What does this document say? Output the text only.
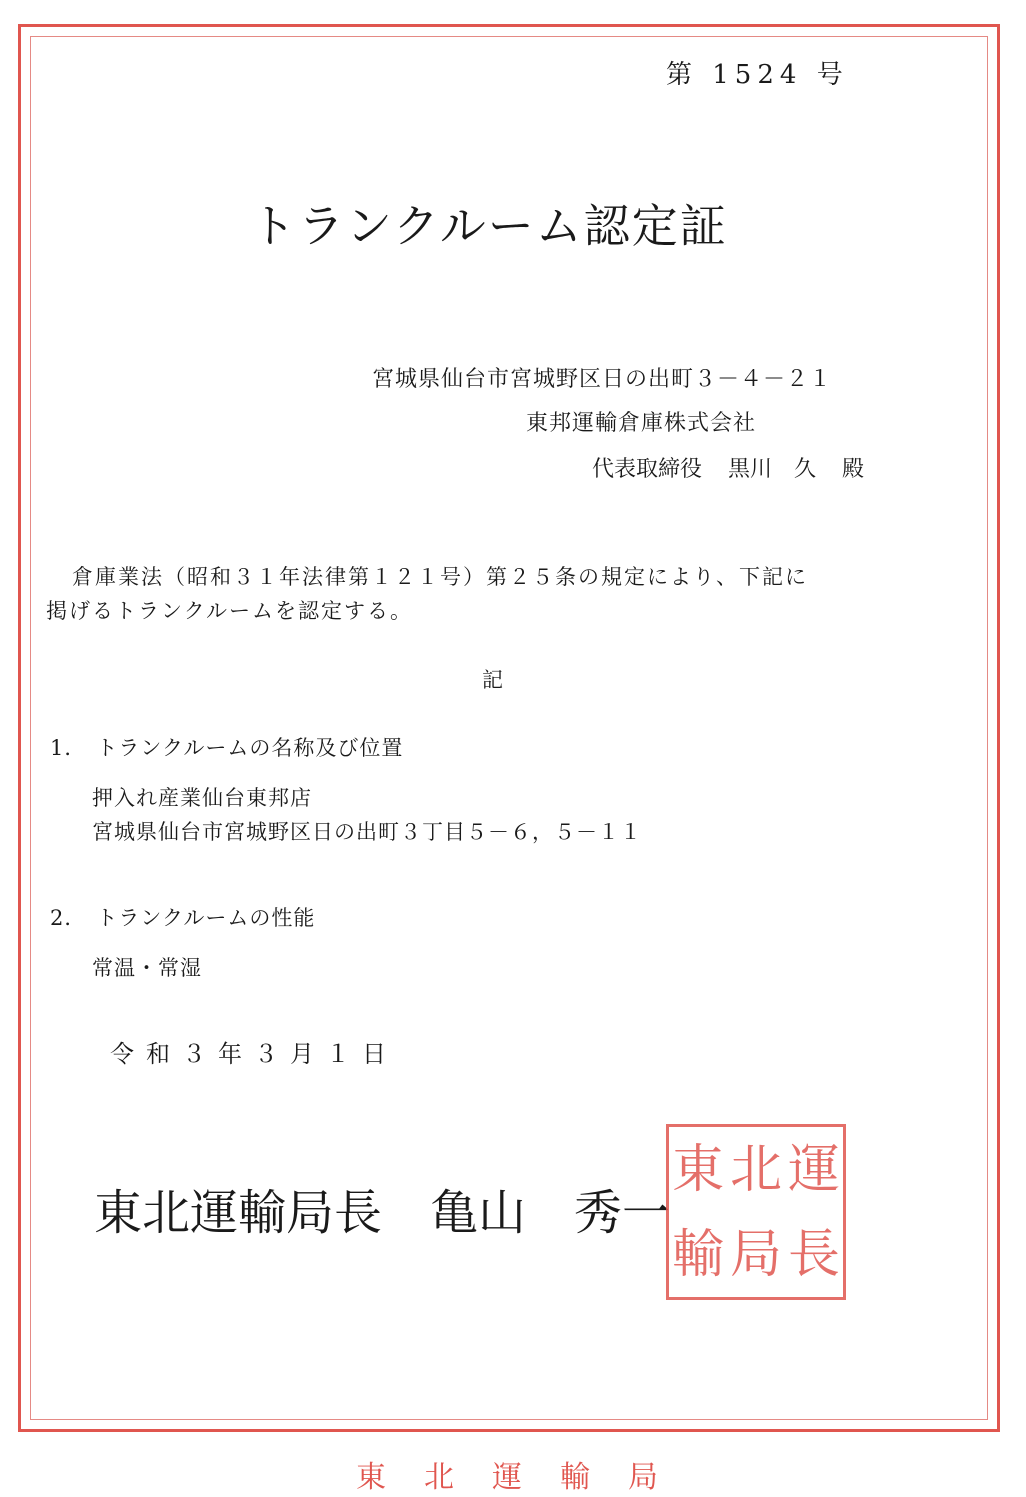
第 1524 号
トランクルーム認定証
宮城県仙台市宮城野区日の出町３－４－２１
東邦運輸倉庫株式会社
代表取締役 黒川　久 殿
倉庫業法（昭和３１年法律第１２１号）第２５条の規定により、下記に
掲げるトランクルームを認定する。
記
1． トランクルームの名称及び位置
押入れ産業仙台東邦店
宮城県仙台市宮城野区日の出町３丁目５－６，５－１１
2． トランクルームの性能
常温・常湿
令和３年３月１日
東北運輸局長 亀山　秀一
東 北 運
輸 局 長
東北運輸局
